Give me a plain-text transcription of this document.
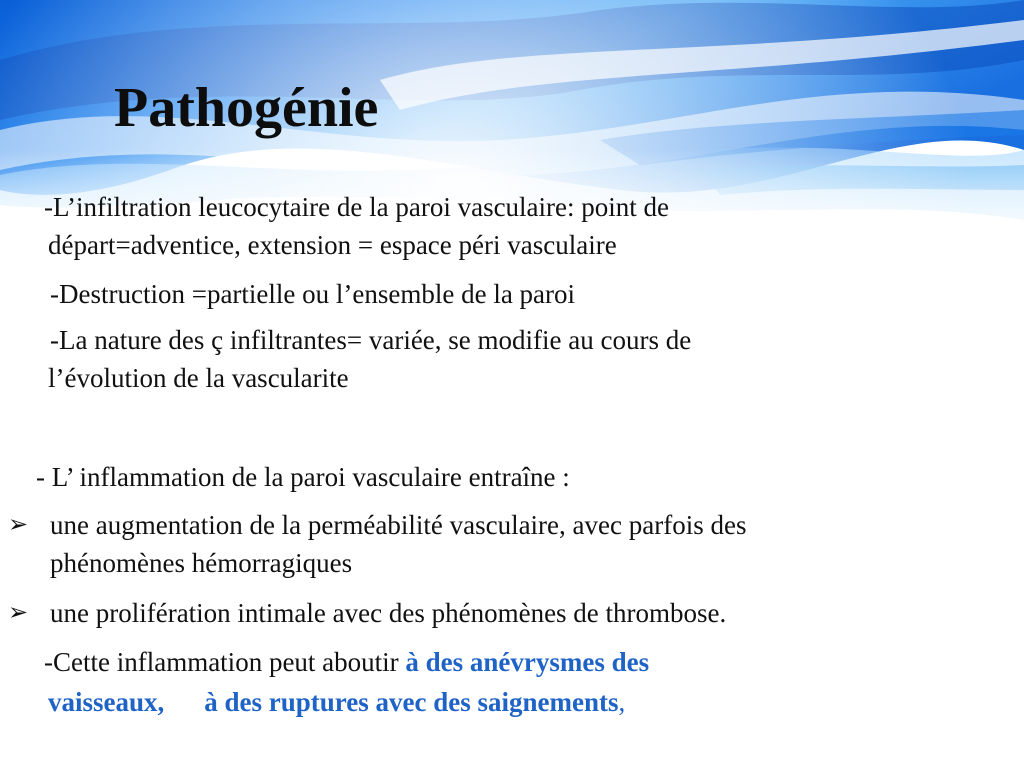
Pathogénie
-L’infiltration leucocytaire de la paroi vasculaire: point de
départ=adventice, extension = espace péri vasculaire
-Destruction =partielle ou l’ensemble de la paroi
-La nature des ç infiltrantes= variée, se modifie au cours de
l’évolution de la vascularite
- L’ inflammation de la paroi vasculaire entraîne :
➢ une augmentation de la perméabilité vasculaire, avec parfois des
phénomènes hémorragiques
➢ une prolifération intimale avec des phénomènes de thrombose.
-Cette inflammation peut aboutir à des anévrysmes des
vaisseaux, à des ruptures avec des saignements,
